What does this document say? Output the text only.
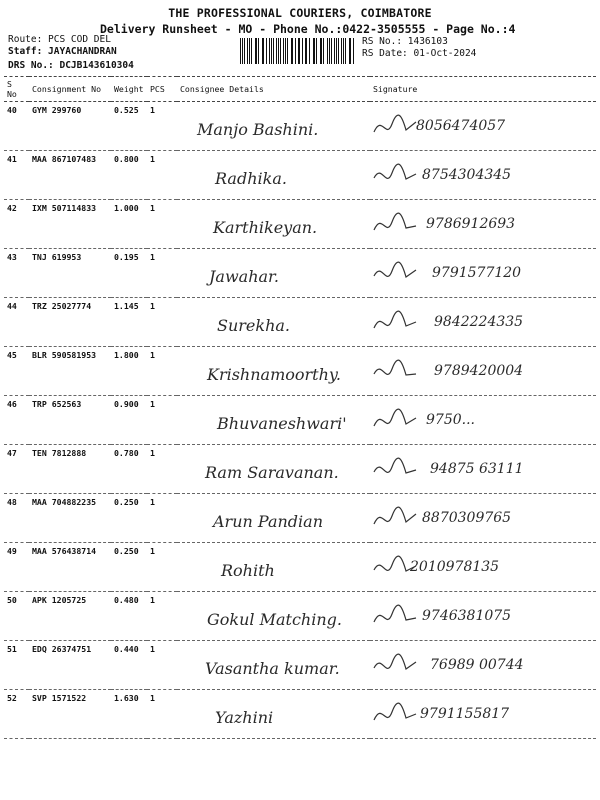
THE PROFESSIONAL COURIERS, COIMBATORE
Delivery Runsheet - MO - Phone No.:0422-3505555 - Page No.:4
Route: PCS COD DEL
Staff: JAYACHANDRAN
DRS No.: DCJB143610304
RS No.: 1436103
RS Date: 01-Oct-2024
S No	Consignment No	Weight	PCS	Consignee Details	Signature
40	GYM 299760	0.525	1	Manjo Bashini.	8056474057

41	MAA 867107483	0.800	1	Radhika.	8754304345

42	IXM 507114833	1.000	1	Karthikeyan.	9786912693

43	TNJ 619953	0.195	1	Jawahar.	9791577120

44	TRZ 25027774	1.145	1	Surekha.	9842224335

45	BLR 590581953	1.800	1	Krishnamoorthy.	9789420004

46	TRP 652563	0.900	1	Bhuvaneshwari'	9750...

47	TEN 7812888	0.780	1	Ram Saravanan.	94875 63111

48	MAA 704882235	0.250	1	Arun Pandian	8870309765

49	MAA 576438714	0.250	1	Rohith	2010978135

50	APK 1205725	0.480	1	Gokul Matching.	9746381075

51	EDQ 26374751	0.440	1	Vasantha kumar.	76989 00744

52	SVP 1571522	1.630	1	Yazhini	9791155817
